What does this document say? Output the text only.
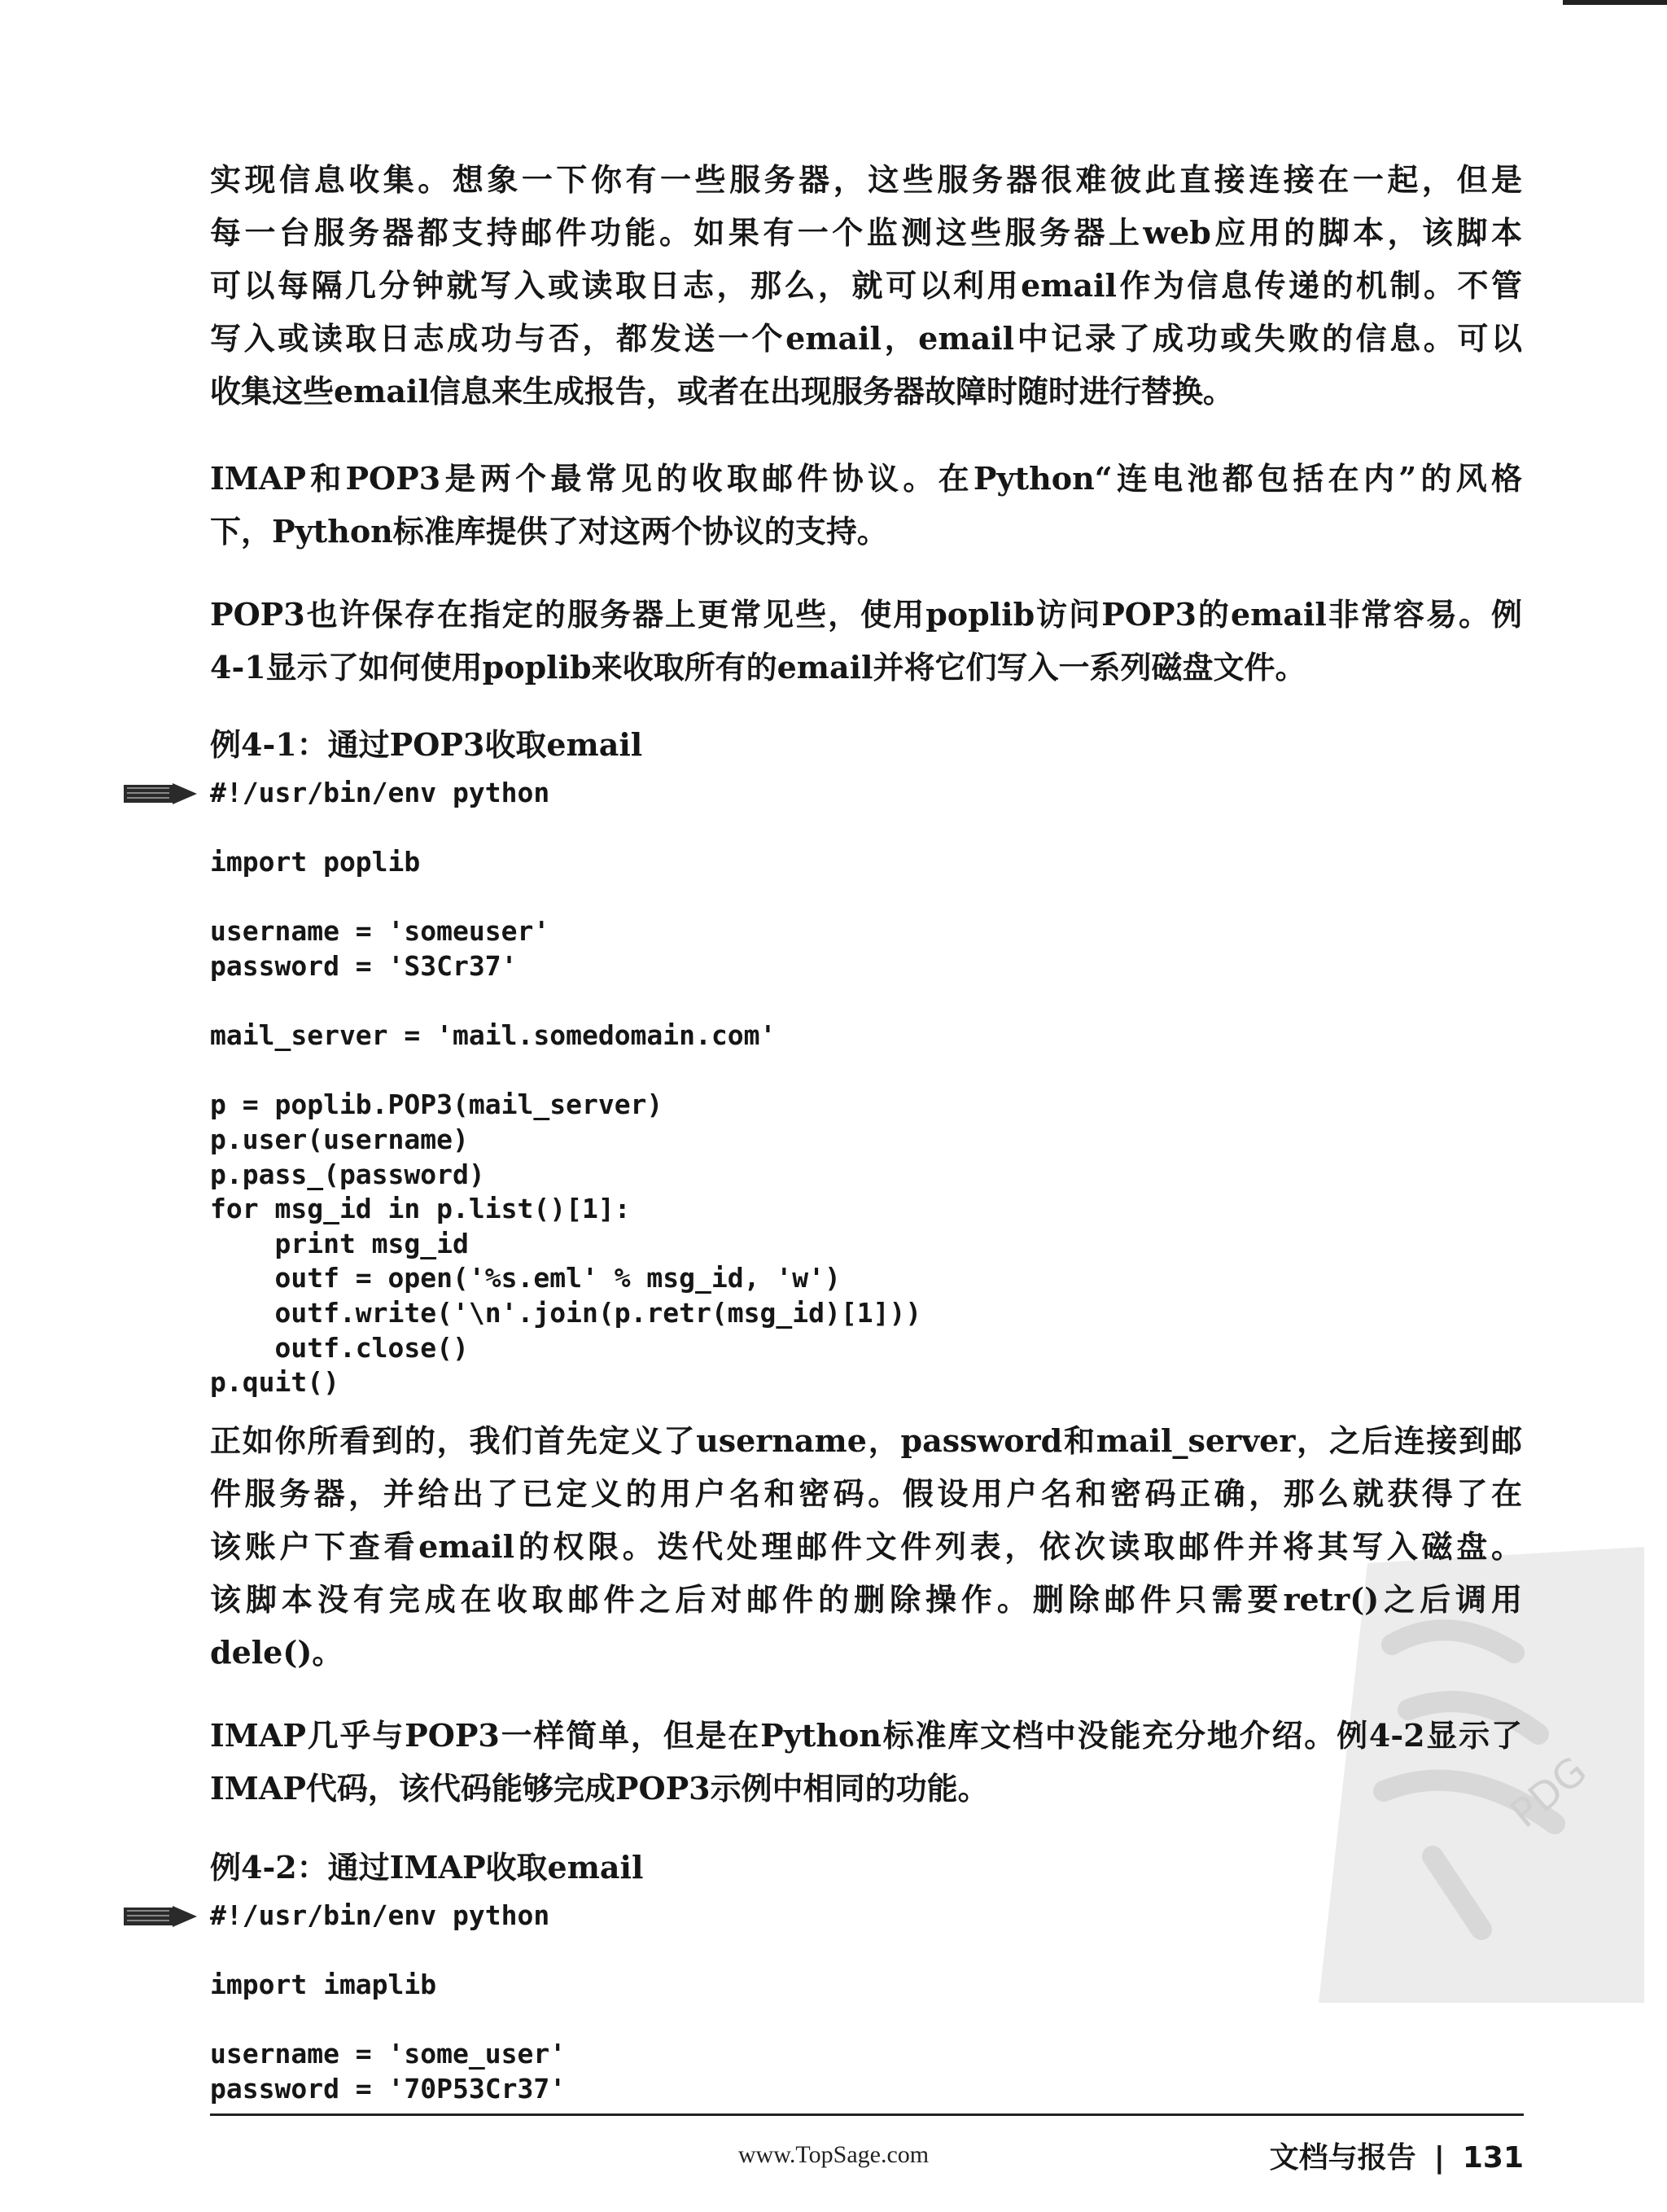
PDG
实现信息收集。想象一下你有一些服务器，这些服务器很难彼此直接连接在一起，但是
每一台服务器都支持邮件功能。如果有一个监测这些服务器上web应用的脚本，该脚本
可以每隔几分钟就写入或读取日志，那么，就可以利用email作为信息传递的机制。不管
写入或读取日志成功与否，都发送一个email，email中记录了成功或失败的信息。可以
收集这些email信息来生成报告，或者在出现服务器故障时随时进行替换。
IMAP和POP3是两个最常见的收取邮件协议。在Python“连电池都包括在内”的风格
下，Python标准库提供了对这两个协议的支持。
POP3也许保存在指定的服务器上更常见些，使用poplib访问POP3的email非常容易。例
4-1显示了如何使用poplib来收取所有的email并将它们写入一系列磁盘文件。
例4-1：通过POP3收取email
#!/usr/bin/env python

import poplib

username = 'someuser'
password = 'S3Cr37'

mail_server = 'mail.somedomain.com'

p = poplib.POP3(mail_server)
p.user(username)
p.pass_(password)
for msg_id in p.list()[1]:
print msg_id
outf = open('%s.eml' % msg_id, 'w')
outf.write('\n'.join(p.retr(msg_id)[1]))
outf.close()
p.quit()
正如你所看到的，我们首先定义了username，password和mail_server，之后连接到邮
件服务器，并给出了已定义的用户名和密码。假设用户名和密码正确，那么就获得了在
该账户下查看email的权限。迭代处理邮件文件列表，依次读取邮件并将其写入磁盘。
该脚本没有完成在收取邮件之后对邮件的删除操作。删除邮件只需要retr()之后调用
dele()。
IMAP几乎与POP3一样简单，但是在Python标准库文档中没能充分地介绍。例4-2显示了
IMAP代码，该代码能够完成POP3示例中相同的功能。
例4-2：通过IMAP收取email
#!/usr/bin/env python

import imaplib

username = 'some_user'
password = '70P53Cr37'
www.TopSage.com	文档与报告 | 131
